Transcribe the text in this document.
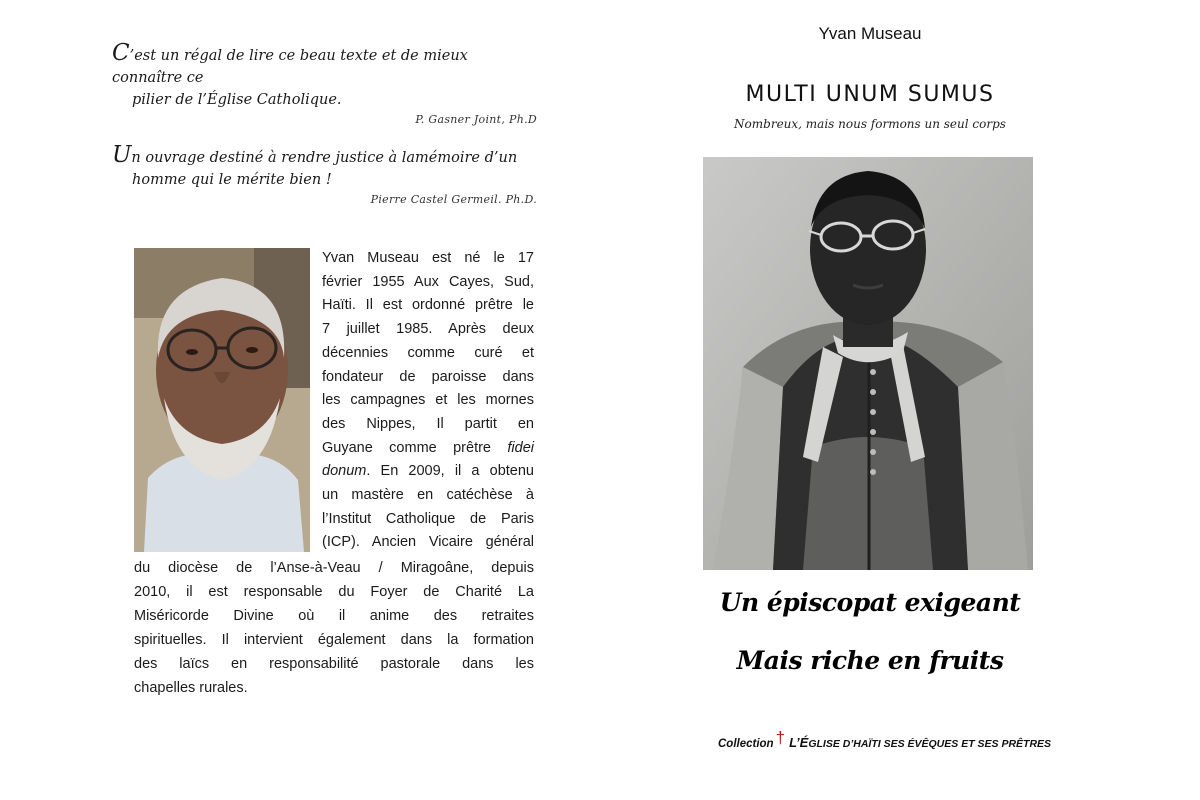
C’est un régal de lire ce beau texte et de mieux connaître ce
pilier de l’Église Catholique.

P. Gasner Joint, Ph.D

Un ouvrage destiné à rendre justice à lamémoire d’un
homme qui le mérite bien !

Pierre Castel Germeil. Ph.D.
Yvan Museau est né le 17
février 1955 Aux Cayes, Sud,
Haïti. Il est ordonné prêtre le
7 juillet 1985. Après deux
décennies comme curé et
fondateur de paroisse dans
les campagnes et les mornes
des Nippes, Il partit en
Guyane comme prêtre fidei
donum. En 2009, il a obtenu
un mastère en catéchèse à
l’Institut Catholique de Paris
(ICP). Ancien Vicaire général
du diocèse de l’Anse-à-Veau / Miragoâne, depuis
2010, il est responsable du Foyer de Charité La
Miséricorde Divine où il anime des retraites
spirituelles. Il intervient également dans la formation
des laïcs en responsabilité pastorale dans les
chapelles rurales.
Yvan Museau
MULTI UNUM SUMUS
Nombreux, mais nous formons un seul corps
Un épiscopat exigeant
Mais riche en fruits
Collection † L’ÉGLISE D’HAÏTI SES ÉVÊQUES ET SES PRÊTRES
